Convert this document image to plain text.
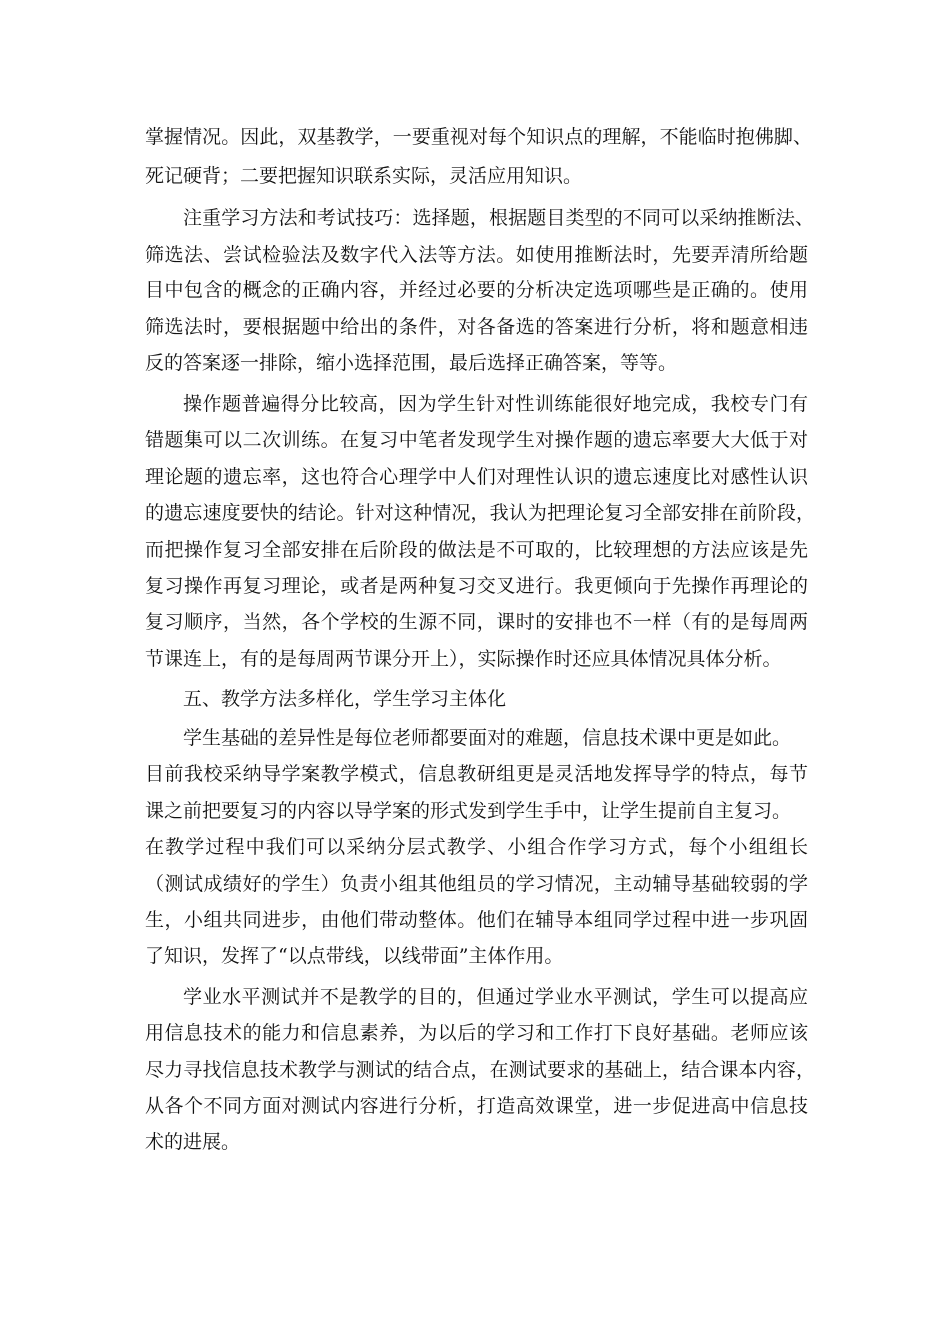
掌握情况。因此，双基教学，一要重视对每个知识点的理解，不能临时抱佛脚、
死记硬背；二要把握知识联系实际，灵活应用知识。
注重学习方法和考试技巧：选择题，根据题目类型的不同可以采纳推断法、
筛选法、尝试检验法及数字代入法等方法。如使用推断法时，先要弄清所给题
目中包含的概念的正确内容，并经过必要的分析决定选项哪些是正确的。使用
筛选法时，要根据题中给出的条件，对各备选的答案进行分析，将和题意相违
反的答案逐一排除，缩小选择范围，最后选择正确答案，等等。
操作题普遍得分比较高，因为学生针对性训练能很好地完成，我校专门有
错题集可以二次训练。在复习中笔者发现学生对操作题的遗忘率要大大低于对
理论题的遗忘率，这也符合心理学中人们对理性认识的遗忘速度比对感性认识
的遗忘速度要快的结论。针对这种情况，我认为把理论复习全部安排在前阶段，
而把操作复习全部安排在后阶段的做法是不可取的，比较理想的方法应该是先
复习操作再复习理论，或者是两种复习交叉进行。我更倾向于先操作再理论的
复习顺序，当然，各个学校的生源不同，课时的安排也不一样（有的是每周两
节课连上，有的是每周两节课分开上），实际操作时还应具体情况具体分析。
五、教学方法多样化，学生学习主体化
学生基础的差异性是每位老师都要面对的难题，信息技术课中更是如此。
目前我校采纳导学案教学模式，信息教研组更是灵活地发挥导学的特点，每节
课之前把要复习的内容以导学案的形式发到学生手中，让学生提前自主复习。
在教学过程中我们可以采纳分层式教学、小组合作学习方式，每个小组组长
（测试成绩好的学生）负责小组其他组员的学习情况，主动辅导基础较弱的学
生，小组共同进步，由他们带动整体。他们在辅导本组同学过程中进一步巩固
了知识，发挥了“以点带线，以线带面”主体作用。
学业水平测试并不是教学的目的，但通过学业水平测试，学生可以提高应
用信息技术的能力和信息素养，为以后的学习和工作打下良好基础。老师应该
尽力寻找信息技术教学与测试的结合点，在测试要求的基础上，结合课本内容，
从各个不同方面对测试内容进行分析，打造高效课堂，进一步促进高中信息技
术的进展。
